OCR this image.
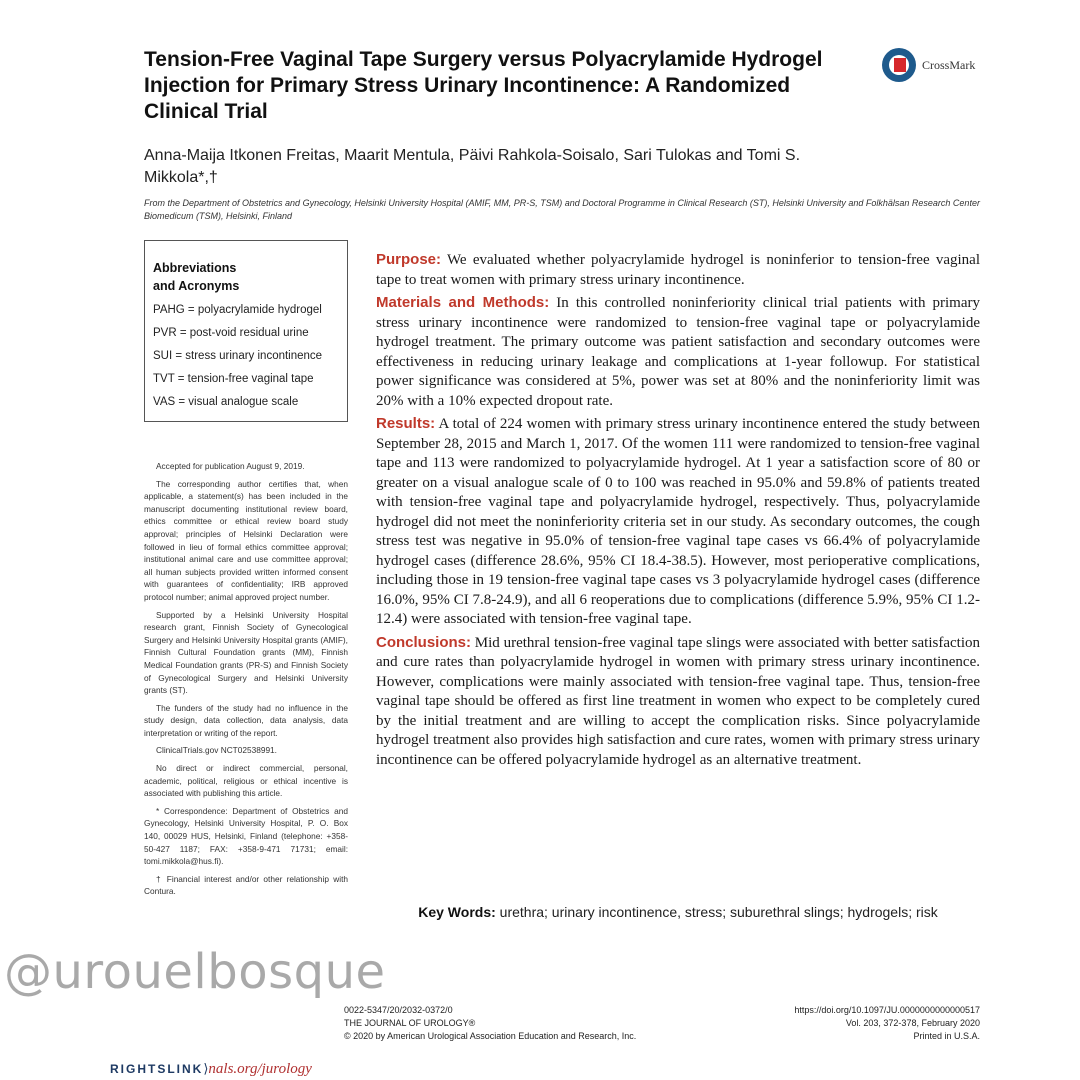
Tension-Free Vaginal Tape Surgery versus Polyacrylamide Hydrogel Injection for Primary Stress Urinary Incontinence: A Randomized Clinical Trial
CrossMark

Anna-Maija Itkonen Freitas, Maarit Mentula, Päivi Rahkola-Soisalo, Sari Tulokas and Tomi S. Mikkola*,†

From the Department of Obstetrics and Gynecology, Helsinki University Hospital (AMIF, MM, PR-S, TSM) and Doctoral Programme in Clinical Research (ST), Helsinki University and Folkhälsan Research Center Biomedicum (TSM), Helsinki, Finland

Abbreviations
and Acronyms
PAHG = polyacrylamide hydrogel
PVR = post-void residual urine
SUI = stress urinary incontinence
TVT = tension-free vaginal tape
VAS = visual analogue scale

Accepted for publication August 9, 2019.

The corresponding author certifies that, when applicable, a statement(s) has been included in the manuscript documenting institutional review board, ethics committee or ethical review board study approval; principles of Helsinki Declaration were followed in lieu of formal ethics committee approval; institutional animal care and use committee approval; all human subjects provided written informed consent with guarantees of confidentiality; IRB approved protocol number; animal approved project number.

Supported by a Helsinki University Hospital research grant, Finnish Society of Gynecological Surgery and Helsinki University Hospital grants (AMIF), Finnish Cultural Foundation grants (MM), Finnish Medical Foundation grants (PR-S) and Finnish Society of Gynecological Surgery and Helsinki University grants (ST).

The funders of the study had no influence in the study design, data collection, data analysis, data interpretation or writing of the report.

ClinicalTrials.gov NCT02538991.

No direct or indirect commercial, personal, academic, political, religious or ethical incentive is associated with publishing this article.

* Correspondence: Department of Obstetrics and Gynecology, Helsinki University Hospital, P. O. Box 140, 00029 HUS, Helsinki, Finland (telephone: +358-50-427 1187; FAX: +358-9-471 71731; email: tomi.mikkola@hus.fi).

† Financial interest and/or other relationship with Contura.

Purpose: We evaluated whether polyacrylamide hydrogel is noninferior to tension-free vaginal tape to treat women with primary stress urinary incontinence.

Materials and Methods: In this controlled noninferiority clinical trial patients with primary stress urinary incontinence were randomized to tension-free vaginal tape or polyacrylamide hydrogel treatment. The primary outcome was patient satisfaction and secondary outcomes were effectiveness in reducing urinary leakage and complications at 1-year followup. For statistical power significance was considered at 5%, power was set at 80% and the noninferiority limit was 20% with a 10% expected dropout rate.

Results: A total of 224 women with primary stress urinary incontinence entered the study between September 28, 2015 and March 1, 2017. Of the women 111 were randomized to tension-free vaginal tape and 113 were randomized to polyacrylamide hydrogel. At 1 year a satisfaction score of 80 or greater on a visual analogue scale of 0 to 100 was reached in 95.0% and 59.8% of patients treated with tension-free vaginal tape and polyacrylamide hydrogel, respectively. Thus, polyacrylamide hydrogel did not meet the noninferiority criteria set in our study. As secondary outcomes, the cough stress test was negative in 95.0% of tension-free vaginal tape cases vs 66.4% of polyacrylamide hydrogel cases (difference 28.6%, 95% CI 18.4-38.5). However, most perioperative complications, including those in 19 tension-free vaginal tape cases vs 3 polyacrylamide hydrogel cases (difference 16.0%, 95% CI 7.8-24.9), and all 6 reoperations due to complications (difference 5.9%, 95% CI 1.2-12.4) were associated with tension-free vaginal tape.

Conclusions: Mid urethral tension-free vaginal tape slings were associated with better satisfaction and cure rates than polyacrylamide hydrogel in women with primary stress urinary incontinence. However, complications were mainly associated with tension-free vaginal tape. Thus, tension-free vaginal tape should be offered as first line treatment in women who expect to be completely cured by the initial treatment and are willing to accept the complication risks. Since polyacrylamide hydrogel treatment also provides high satisfaction and cure rates, women with primary stress urinary incontinence can be offered polyacrylamide hydrogel as an alternative treatment.

Key Words: urethra; urinary incontinence, stress; suburethral slings; hydrogels; risk
@urouelbosque
0022-5347/20/2032-0372/0
THE JOURNAL OF UROLOGY®
© 2020 by American Urological Association Education and Research, Inc.
https://doi.org/10.1097/JU.0000000000000517
Vol. 203, 372-378, February 2020
Printed in U.S.A.
RIGHTSLINK⟩nals.org/jurology
